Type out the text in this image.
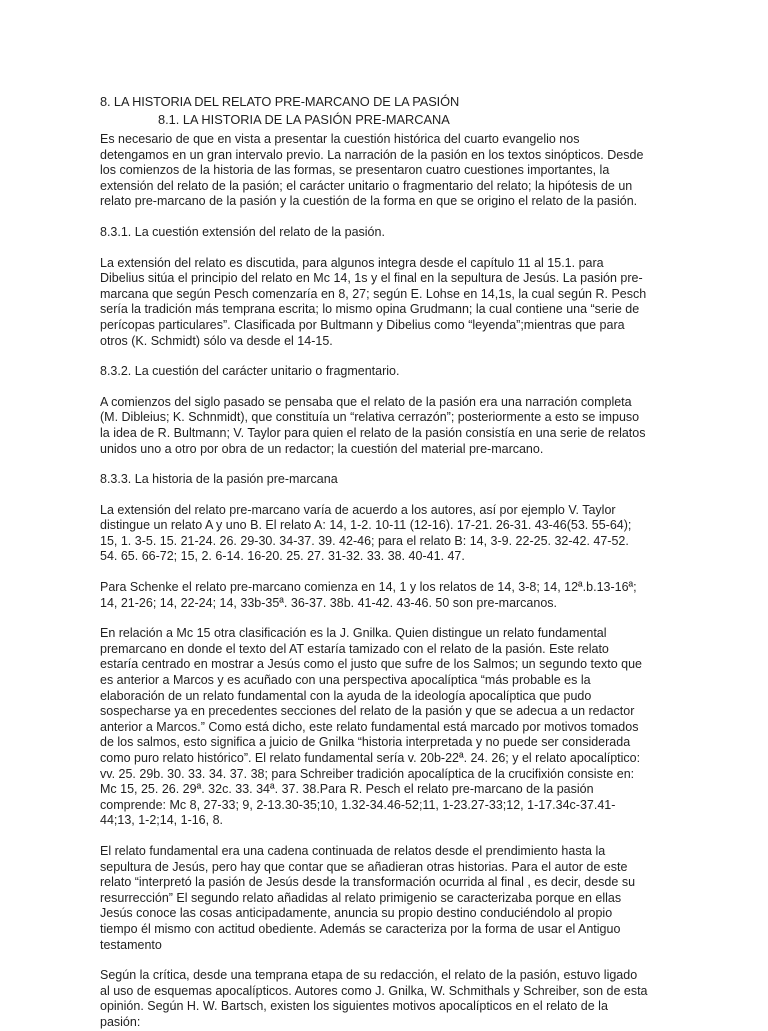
8. LA HISTORIA DEL RELATO PRE-MARCANO DE LA PASIÓN
8.1. LA HISTORIA DE LA PASIÓN PRE-MARCANA

Es necesario de que en vista a presentar la cuestión histórica del cuarto evangelio nos detengamos en un gran intervalo previo. La narración de la pasión en los textos sinópticos. Desde los comienzos de la historia de las formas, se presentaron cuatro cuestiones importantes, la extensión del relato de la pasión; el carácter unitario o fragmentario del relato; la hipótesis de un relato pre-marcano de la pasión y la cuestión de la forma en que se origino el relato de la pasión.

8.3.1. La cuestión extensión del relato de la pasión.

La extensión del relato es discutida, para algunos integra desde el capítulo 11 al 15.1. para Dibelius sitúa el principio del relato en Mc 14, 1s y el final en la sepultura de Jesús. La pasión pre-marcana que según Pesch comenzaría en 8, 27; según E. Lohse en 14,1s, la cual según R. Pesch sería la tradición más temprana escrita; lo mismo opina Grudmann; la cual contiene una “serie de perícopas particulares”. Clasificada por Bultmann y Dibelius como “leyenda”;mientras que para otros (K. Schmidt) sólo va desde el 14-15.

8.3.2. La cuestión del carácter unitario o fragmentario.

A comienzos del siglo pasado se pensaba que el relato de la pasión era una narración completa (M. Dibleius; K. Schnmidt), que constituía un “relativa cerrazón”; posteriormente a esto se impuso la idea de R. Bultmann; V. Taylor para quien el relato de la pasión consistía en una serie de relatos unidos uno a otro por obra de un redactor; la cuestión del material pre-marcano.

8.3.3. La historia de la pasión pre-marcana

La extensión del relato pre-marcano varía de acuerdo a los autores, así por ejemplo V. Taylor distingue un relato A y uno B. El relato A: 14, 1-2. 10-11 (12-16). 17-21. 26-31. 43-46(53. 55-64); 15, 1. 3-5. 15. 21-24. 26. 29-30. 34-37. 39. 42-46; para el relato B: 14, 3-9. 22-25. 32-42. 47-52. 54. 65. 66-72; 15, 2. 6-14. 16-20. 25. 27. 31-32. 33. 38. 40-41. 47.

Para Schenke el relato pre-marcano comienza en 14, 1 y los relatos de 14, 3-8; 14, 12ª.b.13-16ª; 14, 21-26; 14, 22-24; 14, 33b-35ª. 36-37. 38b. 41-42. 43-46. 50 son pre-marcanos.

En relación a Mc 15 otra clasificación es la J. Gnilka. Quien distingue un relato fundamental premarcano en donde el texto del AT estaría tamizado con el relato de la pasión. Este relato estaría centrado en mostrar a Jesús como el justo que sufre de los Salmos; un segundo texto que es anterior a Marcos y es acuñado con una perspectiva apocalíptica “más probable es la elaboración de un relato fundamental con la ayuda de la ideología apocalíptica que pudo sospecharse ya en precedentes secciones del relato de la pasión y que se adecua a un redactor anterior a Marcos.” Como está dicho, este relato fundamental está marcado por motivos tomados de los salmos, esto significa a juicio de Gnilka “historia interpretada y no puede ser considerada como puro relato histórico”. El relato fundamental sería v. 20b-22ª. 24. 26; y el relato apocalíptico: vv. 25. 29b. 30. 33. 34. 37. 38; para Schreiber tradición apocalíptica de la crucifixión consiste en: Mc 15, 25. 26. 29ª. 32c. 33. 34ª. 37. 38.Para R. Pesch el relato pre-marcano de la pasión comprende: Mc 8, 27-33; 9, 2-13.30-35;10, 1.32-34.46-52;11, 1-23.27-33;12, 1-17.34c-37.41-44;13, 1-2;14, 1-16, 8.

El relato fundamental era una cadena continuada de relatos desde el prendimiento hasta la sepultura de Jesús, pero hay que contar que se añadieran otras historias. Para el autor de este relato “interpretó la pasión de Jesús desde la transformación ocurrida al final , es decir, desde su resurrección” El segundo relato añadidas al relato primigenio se caracterizaba porque en ellas Jesús conoce las cosas anticipadamente, anuncia su propio destino conduciéndolo al propio tiempo él mismo con actitud obediente. Además se caracteriza por la forma de usar el Antiguo testamento

Según la crítica, desde una temprana etapa de su redacción, el relato de la pasión, estuvo ligado al uso de esquemas apocalípticos. Autores como J. Gnilka, W. Schmithals y Schreiber, son de esta opinión. Según H. W. Bartsch, existen los siguientes motivos apocalípticos en el relato de la pasión:
